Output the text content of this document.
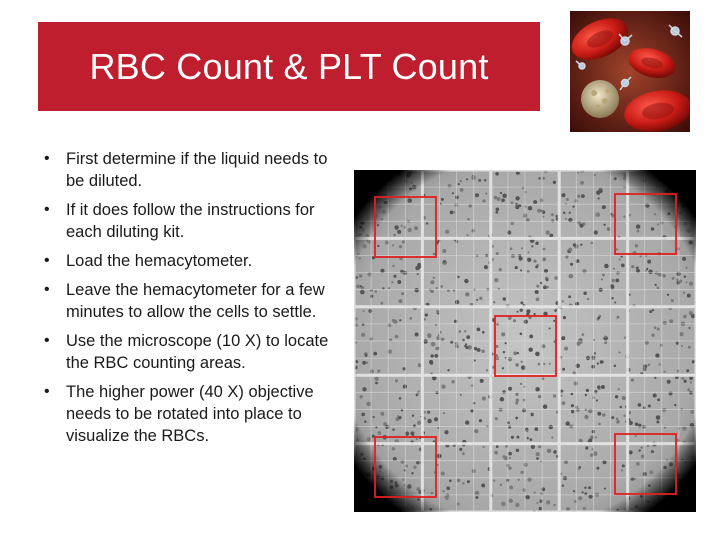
RBC Count & PLT Count
• First determine if the liquid needs to be diluted.
• If it does follow the instructions for each diluting kit.
• Load the hemacytometer.
• Leave the hemacytometer for a few minutes to allow the cells to settle.
• Use the microscope (10 X) to locate the RBC counting areas.
• The higher power (40 X) objective needs to be rotated into place to visualize the RBCs.
